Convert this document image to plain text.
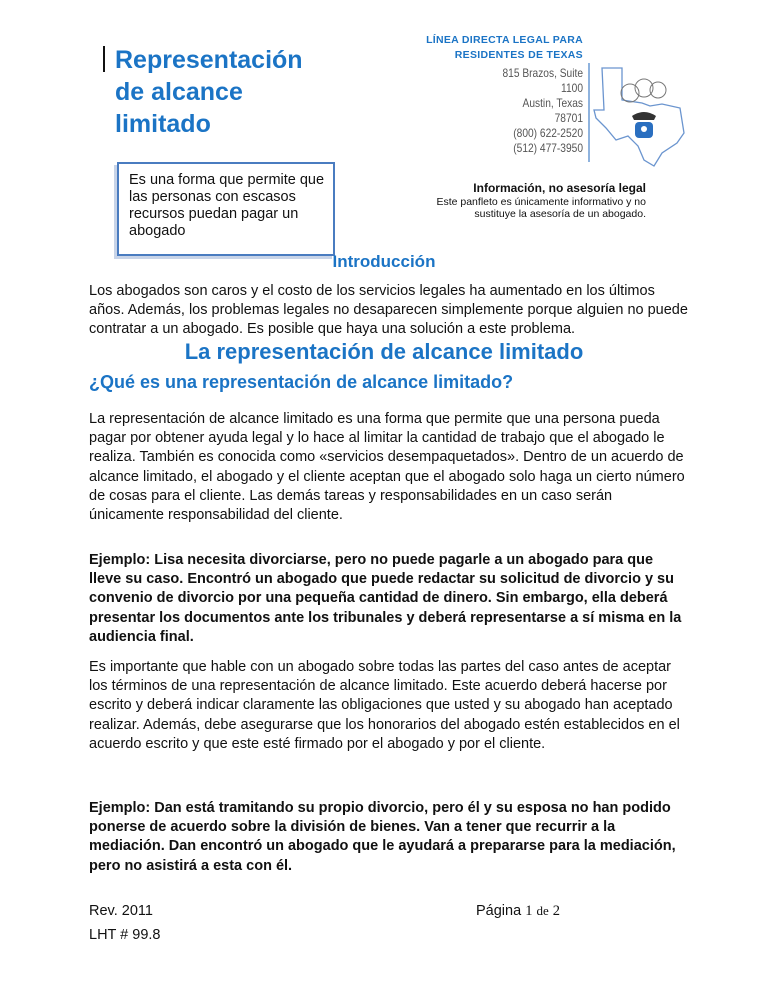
Representación
de alcance
limitado
Es una forma que permite que las personas con escasos recursos puedan pagar un abogado
LÍNEA DIRECTA LEGAL PARA
RESIDENTES DE TEXAS
815 Brazos, Suite 1100
Austin, Texas 78701
(800) 622-2520
(512) 477-3950
Información, no asesoría legal
Este panfleto es únicamente informativo y no
sustituye la asesoría de un abogado.
Introducción
Los abogados son caros y el costo de los servicios legales ha aumentado en los últimos años. Además, los problemas legales no desaparecen simplemente porque alguien no puede contratar a un abogado. Es posible que haya una solución a este problema.
La representación de alcance limitado
¿Qué es una representación de alcance limitado?
La representación de alcance limitado es una forma que permite que una persona pueda pagar por obtener ayuda legal y lo hace al limitar la cantidad de trabajo que el abogado le realiza. También es conocida como «servicios desempaquetados». Dentro de un acuerdo de alcance limitado, el abogado y el cliente aceptan que el abogado solo haga un cierto número de cosas para el cliente. Las demás tareas y responsabilidades en un caso serán únicamente responsabilidad del cliente.
Ejemplo: Lisa necesita divorciarse, pero no puede pagarle a un abogado para que lleve su caso. Encontró un abogado que puede redactar su solicitud de divorcio y su convenio de divorcio por una pequeña cantidad de dinero. Sin embargo, ella deberá presentar los documentos ante los tribunales y deberá representarse a sí misma en la audiencia final.
Es importante que hable con un abogado sobre todas las partes del caso antes de aceptar los términos de una representación de alcance limitado. Este acuerdo deberá hacerse por escrito y deberá indicar claramente las obligaciones que usted y su abogado han aceptado realizar. Además, debe asegurarse que los honorarios del abogado estén establecidos en el acuerdo escrito y que este esté firmado por el abogado y por el cliente.
Ejemplo: Dan está tramitando su propio divorcio, pero él y su esposa no han podido ponerse de acuerdo sobre la división de bienes. Van a tener que recurrir a la mediación. Dan encontró un abogado que le ayudará a prepararse para la mediación, pero no asistirá a esta con él.
Rev. 2011
LHT # 99.8
Página 1 de 2
